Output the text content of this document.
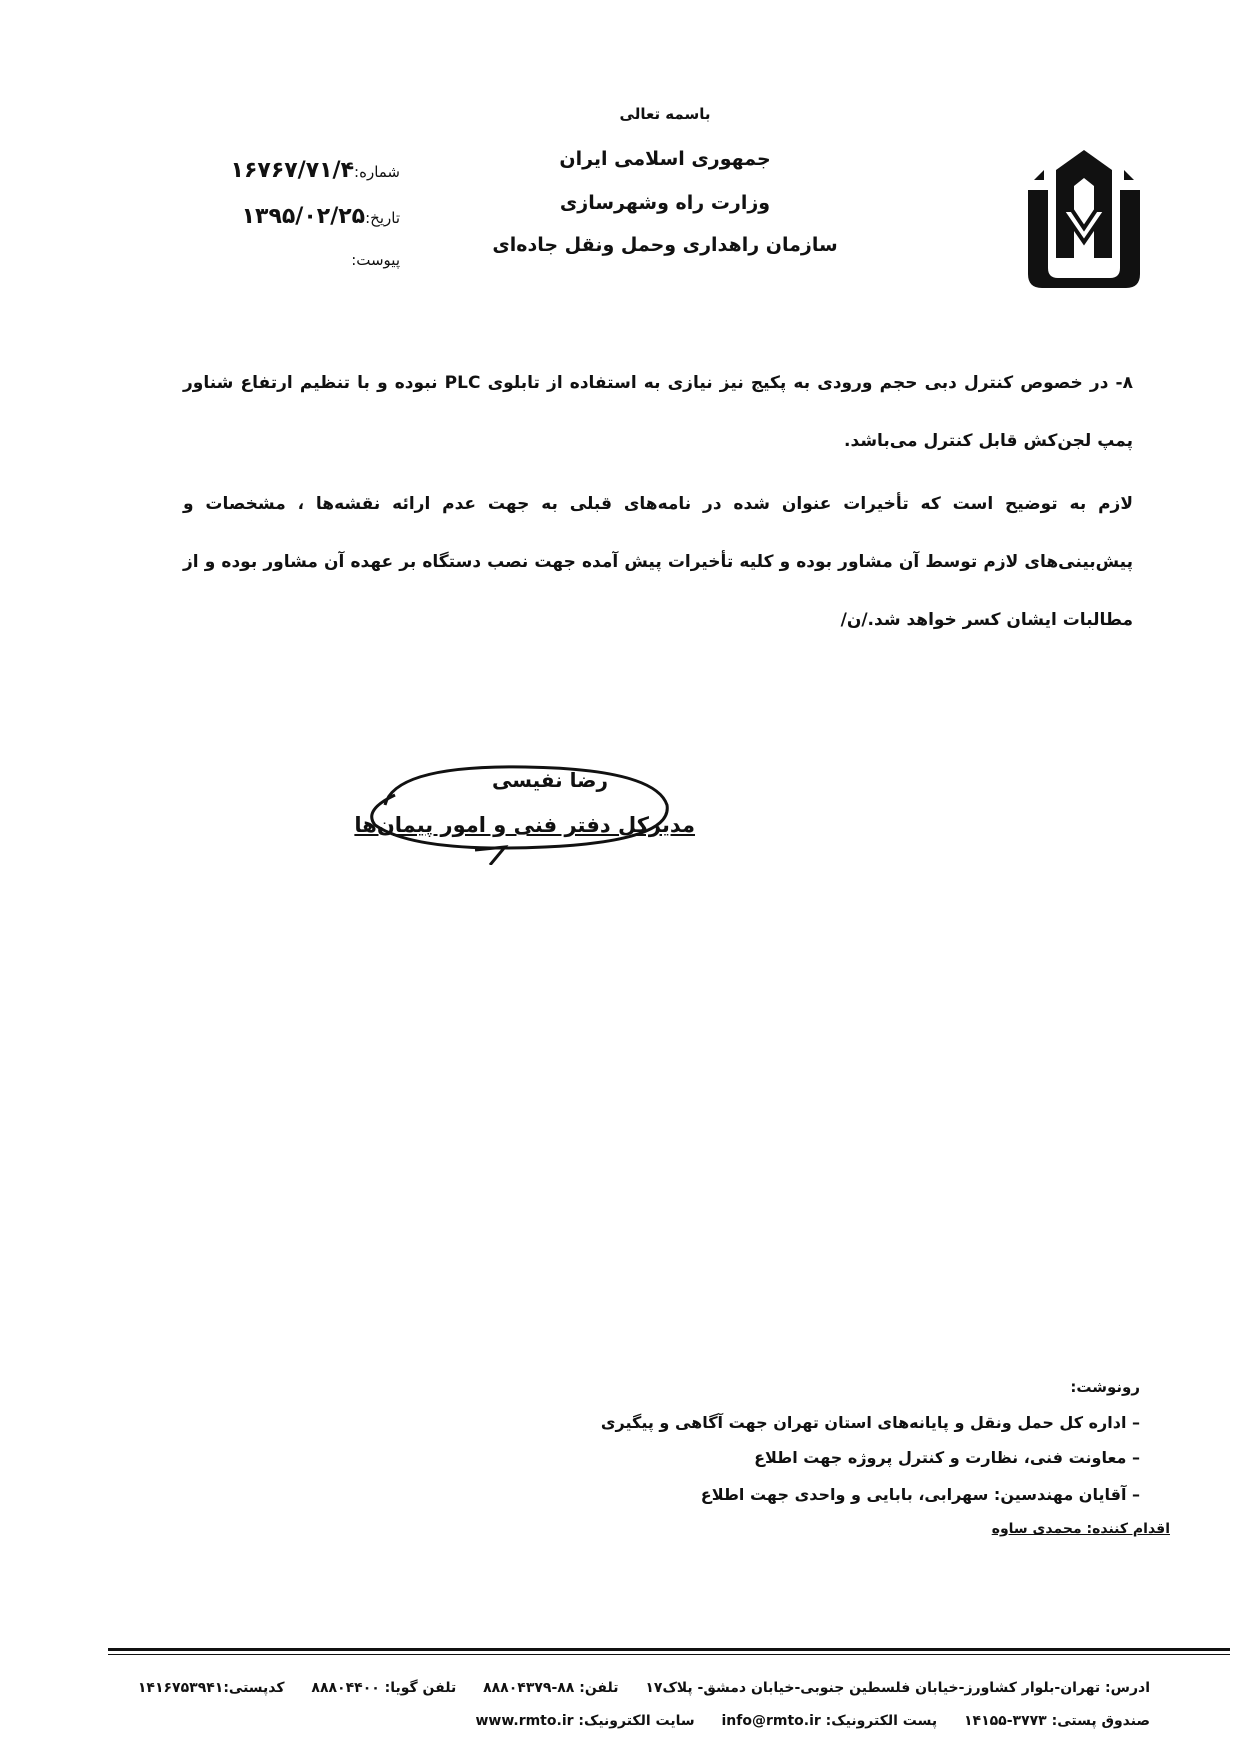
باسمه تعالی
جمهوری اسلامی ایران
وزارت راه وشهرسازی
سازمان راهداری وحمل ونقل جاده‌ای
شماره:۱۶۷۶۷/۷۱/۴
تاریخ:۱۳۹۵/۰۲/۲۵
پیوست:
۸- در خصوص کنترل دبی حجم ورودی به پکیج نیز نیازی به استفاده از تابلوی PLC نبوده و با تنظیم ارتفاع شناور پمپ لجن‌کش قابل کنترل می‌باشد.
لازم به توضیح است که تأخیرات عنوان شده در نامه‌های قبلی به جهت عدم ارائه نقشه‌ها ، مشخصات و پیش‌بینی‌های لازم توسط آن مشاور بوده و کلیه تأخیرات پیش آمده جهت نصب دستگاه بر عهده آن مشاور بوده و از مطالبات ایشان کسر خواهد شد./ن/
رضا نفیسی
مدیرکل دفتر فنی و امور پیمان‌ها
رونوشت:
– اداره کل حمل ونقل و پایانه‌های استان تهران جهت آگاهی و پیگیری
– معاونت فنی، نظارت و کنترل پروژه جهت اطلاع
– آقایان مهندسین: سهرابی، بابایی و واحدی جهت اطلاع
اقدام کننده: محمدی ساوه
ادرس: تهران-بلوار کشاورز-خیابان فلسطین جنوبی-خیابان دمشق- پلاک۱۷ تلفن: ۸۸-۸۸۸۰۴۳۷۹ تلفن گویا: ۸۸۸۰۴۴۰۰ کدپستی:۱۴۱۶۷۵۳۹۴۱
صندوق پستی: ۳۷۷۳-۱۴۱۵۵ پست الکترونیک: info@rmto.ir سایت الکترونیک: www.rmto.ir
